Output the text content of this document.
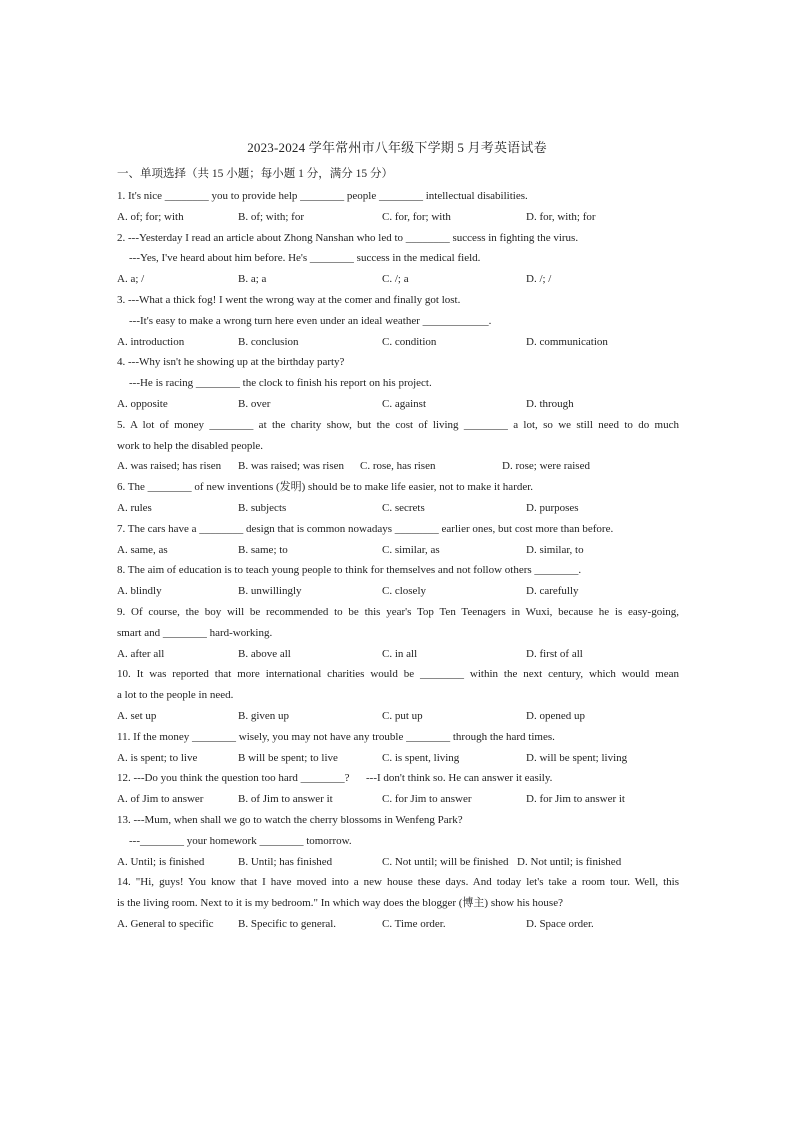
2023-2024 学年常州市八年级下学期 5 月考英语试卷
一、单项选择（共 15 小题；每小题 1 分，满分 15 分）
1. It's nice ________ you to provide help ________ people ________ intellectual disabilities.
A. of; for; with	B. of; with; for	C. for, for; with	D. for, with; for
2. ---Yesterday I read an article about Zhong Nanshan who led to ________ success in fighting the virus.
---Yes, I've heard about him before. He's ________ success in the medical field.
A. a; /	B. a; a	C. /; a	D. /; /
3. ---What a thick fog! I went the wrong way at the comer and finally got lost.
---It's easy to make a wrong turn here even under an ideal weather ____________.
A. introduction	B. conclusion	C. condition	D. communication
4. ---Why isn't he showing up at the birthday party?
---He is racing ________ the clock to finish his report on his project.
A. opposite	B. over	C. against	D. through
5. A lot of money ________ at the charity show, but the cost of living ________ a lot, so we still need to do much
work to help the disabled people.
A. was raised; has risen B. was raised; was risen C. rose, has risen	D. rose; were raised
6. The ________ of new inventions (发明) should be to make life easier, not to make it harder.
A. rules	B. subjects	C. secrets	D. purposes
7. The cars have a ________ design that is common nowadays ________ earlier ones, but cost more than before.
A. same, as	B. same; to	C. similar, as	D. similar, to
8. The aim of education is to teach young people to think for themselves and not follow others ________.
A. blindly	B. unwillingly	C. closely	D. carefully
9. Of course, the boy will be recommended to be this year's Top Ten Teenagers in Wuxi, because he is easy-going,
smart and ________ hard-working.
A. after all	B. above all	C. in all	D. first of all
10. It was reported that more international charities would be ________ within the next century, which would mean
a lot to the people in need.
A. set up	B. given up	C. put up	D. opened up
11. If the money ________ wisely, you may not have any trouble ________ through the hard times.
A. is spent; to live	B will be spent; to live	C. is spent, living	D. will be spent; living
12. ---Do you think the question too hard ________?      ---I don't think so. He can answer it easily.
A. of Jim to answer	B. of Jim to answer it	C. for Jim to answer	D. for Jim to answer it
13. ---Mum, when shall we go to watch the cherry blossoms in Wenfeng Park?
---________ your homework ________ tomorrow.
A. Until; is finished	B. Until; has finished	C. Not until; will be finished D. Not until; is finished
14. "Hi, guys! You know that I have moved into a new house these days. And today let's take a room tour. Well, this
is the living room. Next to it is my bedroom." In which way does the blogger (博主) show his house?
A. General to specific B. Specific to general.	C. Time order.	D. Space order.
